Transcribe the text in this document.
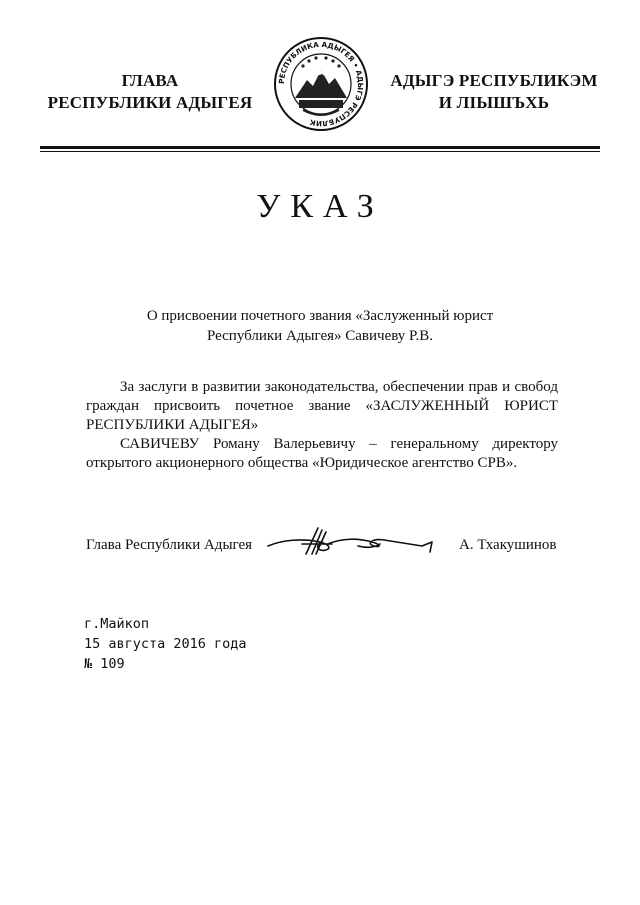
ГЛАВА
РЕСПУБЛИКИ АДЫГЕЯ
РЕСПУБЛИКА АДЫГЕЯ • АДЫГЭ РЕСПУБЛИК
АДЫГЭ РЕСПУБЛИКЭМ
И ЛІЫШЪХЬ
УКАЗ
О присвоении почетного звания «Заслуженный юрист
Республики Адыгея» Савичеву Р.В.

За заслуги в развитии законодательства, обеспечении прав и свобод граждан присвоить почетное звание «ЗАСЛУЖЕННЫЙ ЮРИСТ РЕСПУБЛИКИ АДЫГЕЯ»

САВИЧЕВУ Роману Валерьевичу – генеральному директору открытого акционерного общества «Юридическое агентство СРВ».

Глава Республики Адыгея	А. Тхакушинов
г.Майкоп
15 августа 2016 года
№ 109
